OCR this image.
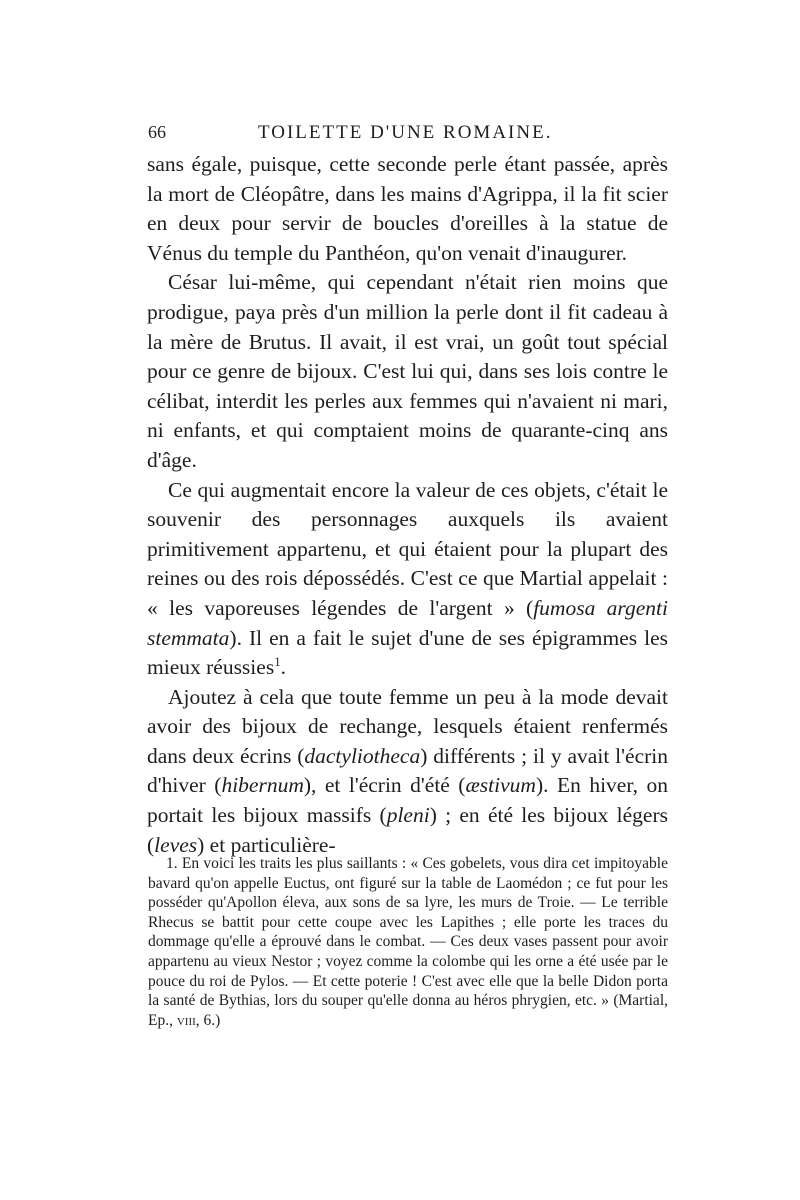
66	TOILETTE D'UNE ROMAINE.

sans égale, puisque, cette seconde perle étant passée, après la mort de Cléopâtre, dans les mains d'Agrippa, il la fit scier en deux pour servir de boucles d'oreilles à la statue de Vénus du temple du Panthéon, qu'on venait d'inaugurer.

César lui-même, qui cependant n'était rien moins que prodigue, paya près d'un million la perle dont il fit cadeau à la mère de Brutus. Il avait, il est vrai, un goût tout spécial pour ce genre de bijoux. C'est lui qui, dans ses lois contre le célibat, interdit les perles aux femmes qui n'avaient ni mari, ni enfants, et qui comptaient moins de quarante-cinq ans d'âge.

Ce qui augmentait encore la valeur de ces objets, c'était le souvenir des personnages auxquels ils avaient primitivement appartenu, et qui étaient pour la plupart des reines ou des rois dépossédés. C'est ce que Martial appelait : « les vaporeuses légendes de l'argent » (fumosa argenti stemmata). Il en a fait le sujet d'une de ses épigrammes les mieux réussies$^1$.

Ajoutez à cela que toute femme un peu à la mode devait avoir des bijoux de rechange, lesquels étaient renfermés dans deux écrins (dactyliotheca) différents ; il y avait l'écrin d'hiver (hibernum), et l'écrin d'été (æstivum). En hiver, on portait les bijoux massifs (pleni) ; en été les bijoux légers (leves) et particulière-

1. En voici les traits les plus saillants : « Ces gobelets, vous dira cet impitoyable bavard qu'on appelle Euctus, ont figuré sur la table de Laomédon ; ce fut pour les posséder qu'Apollon éleva, aux sons de sa lyre, les murs de Troie. — Le terrible Rhecus se battit pour cette coupe avec les Lapithes ; elle porte les traces du dommage qu'elle a éprouvé dans le combat. — Ces deux vases passent pour avoir appartenu au vieux Nestor ; voyez comme la colombe qui les orne a été usée par le pouce du roi de Pylos. — Et cette poterie ! C'est avec elle que la belle Didon porta la santé de Bythias, lors du souper qu'elle donna au héros phrygien, etc. » (Martial, Ep., viii, 6.)
